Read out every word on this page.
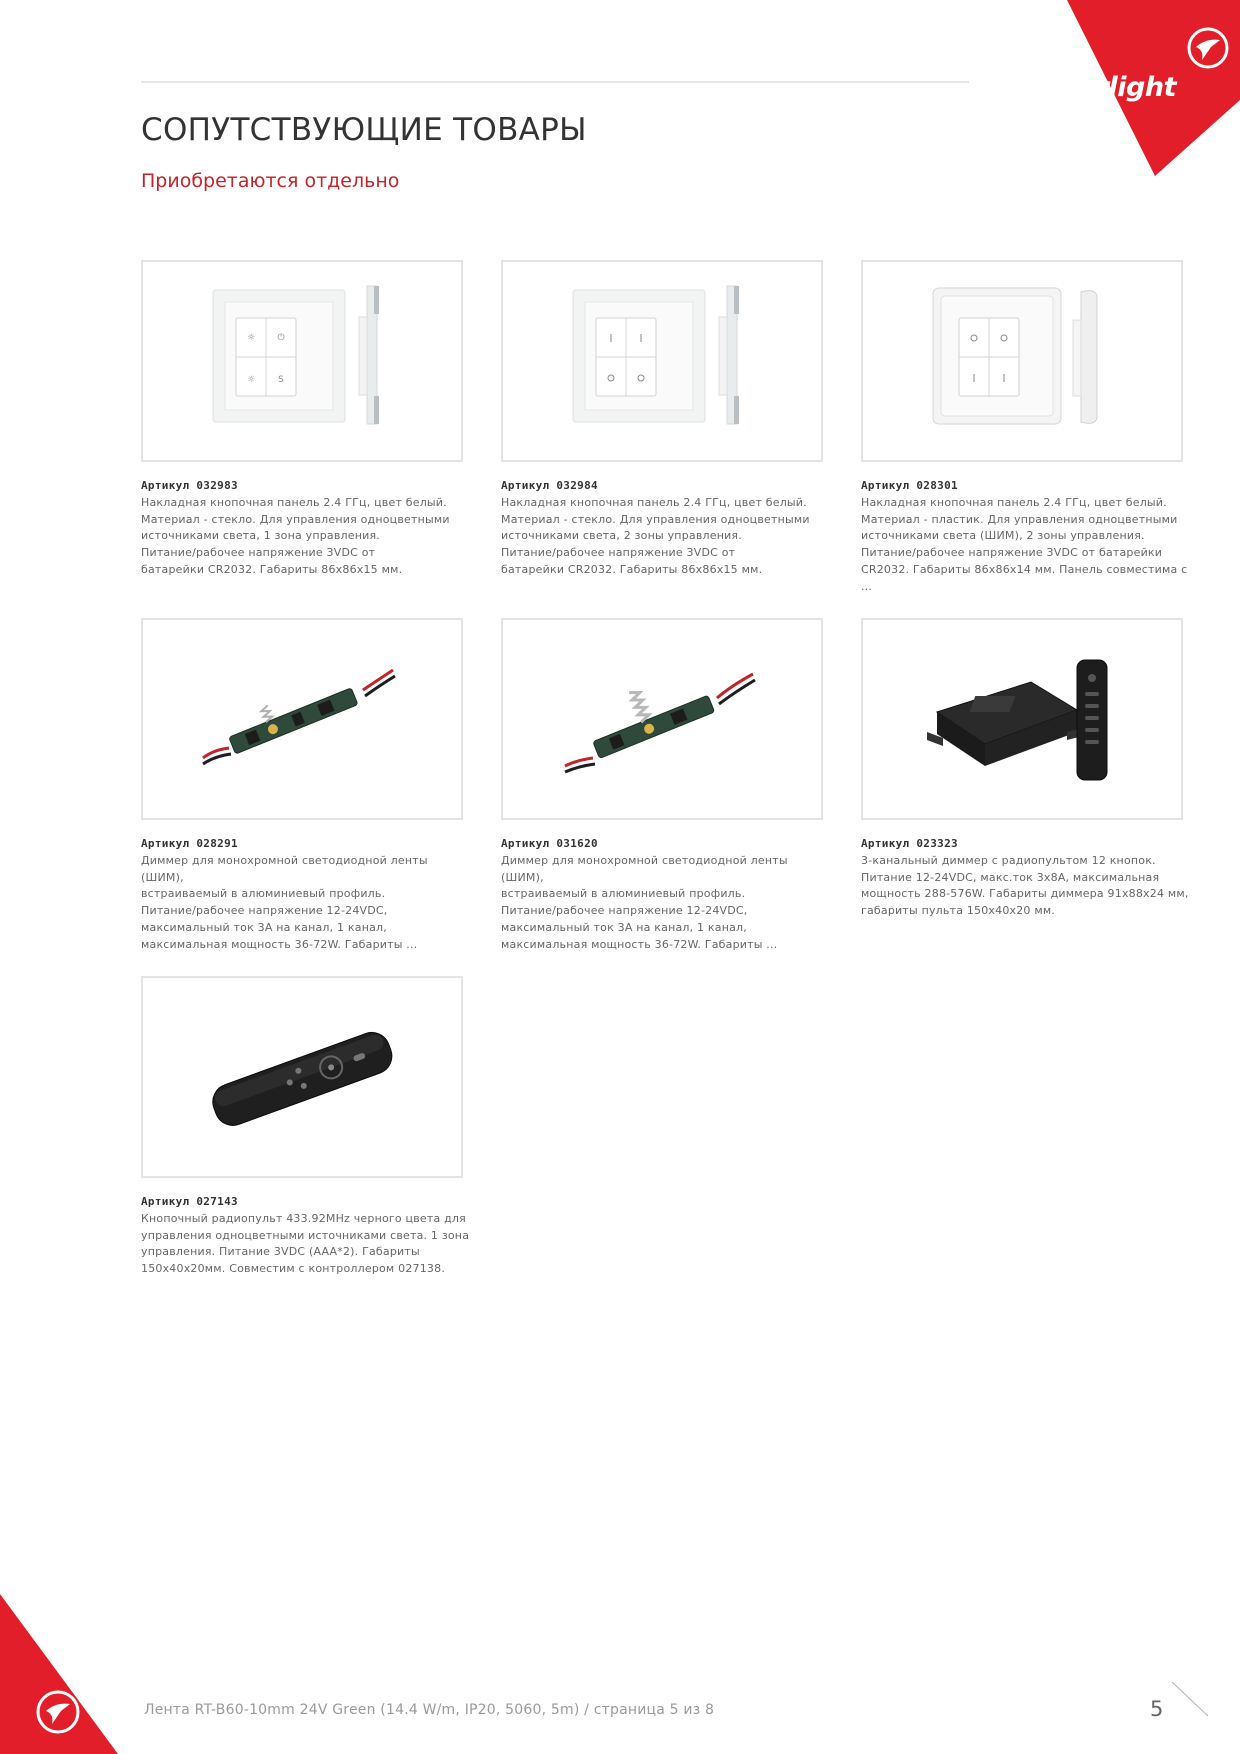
arlight
СОПУТСТВУЮЩИЕ ТОВАРЫ

Приобретаются отдельно

☼ ⏻
☼	S
Артикул 032983
Накладная кнопочная панель 2.4 ГГц, цвет белый.
Материал - стекло. Для управления одноцветными
источниками света, 1 зона управления.
Питание/рабочее напряжение 3VDC от
батарейки CR2032. Габариты 86x86x15 мм.
Артикул 032984
Накладная кнопочная панель 2.4 ГГц, цвет белый.
Материал - стекло. Для управления одноцветными
источниками света, 2 зоны управления.
Питание/рабочее напряжение 3VDC от
батарейки CR2032. Габариты 86x86x15 мм.
Артикул 028301
Накладная кнопочная панель 2.4 ГГц, цвет белый.
Материал - пластик. Для управления одноцветными
источниками света (ШИМ), 2 зоны управления.
Питание/рабочее напряжение 3VDC от батарейки
CR2032. Габариты 86x86x14 мм. Панель совместима с ...
Артикул 028291
Диммер для монохромной светодиодной ленты (ШИМ),
встраиваемый в алюминиевый профиль.
Питание/рабочее напряжение 12-24VDC,
максимальный ток 3A на канал, 1 канал,
максимальная мощность 36-72W. Габариты ...
Артикул 031620
Диммер для монохромной светодиодной ленты (ШИМ),
встраиваемый в алюминиевый профиль.
Питание/рабочее напряжение 12-24VDC,
максимальный ток 3A на канал, 1 канал,
максимальная мощность 36-72W. Габариты ...
Артикул 023323
3-канальный диммер с радиопультом 12 кнопок.
Питание 12-24VDC, макс.ток 3x8A, максимальная
мощность 288-576W. Габариты диммера 91x88x24 мм,
габариты пульта 150x40x20 мм.
Артикул 027143
Кнопочный радиопульт 433.92MHz черного цвета для
управления одноцветными источниками света. 1 зона
управления. Питание 3VDC (AAA*2). Габариты
150x40x20мм. Совместим с контроллером 027138.
Лента RT-B60-10mm 24V Green (14.4 W/m, IP20, 5060, 5m) / страница 5 из 8	5
